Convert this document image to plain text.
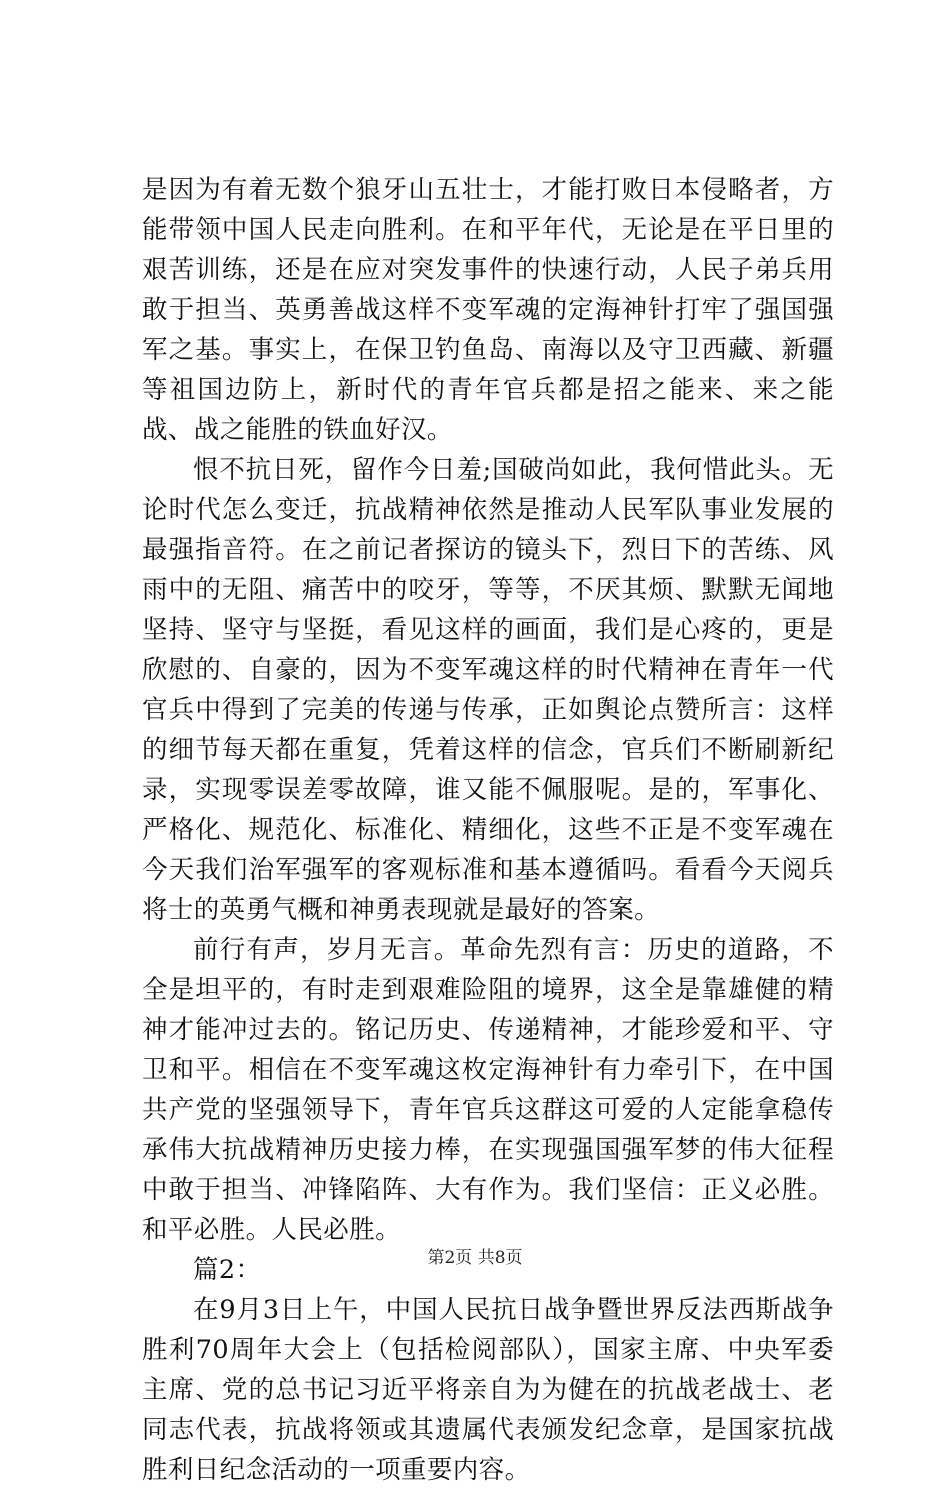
是因为有着无数个狼牙山五壮士，才能打败日本侵略者，方能带领中国人民走向胜利。在和平年代，无论是在平日里的艰苦训练，还是在应对突发事件的快速行动，人民子弟兵用敢于担当、英勇善战这样不变军魂的定海神针打牢了强国强军之基。事实上，在保卫钓鱼岛、南海以及守卫西藏、新疆等祖国边防上，新时代的青年官兵都是招之能来、来之能战、战之能胜的铁血好汉。

恨不抗日死，留作今日羞;国破尚如此，我何惜此头。无论时代怎么变迁，抗战精神依然是推动人民军队事业发展的最强指音符。在之前记者探访的镜头下，烈日下的苦练、风雨中的无阻、痛苦中的咬牙，等等，不厌其烦、默默无闻地坚持、坚守与坚挺，看见这样的画面，我们是心疼的，更是欣慰的、自豪的，因为不变军魂这样的时代精神在青年一代官兵中得到了完美的传递与传承，正如舆论点赞所言：这样的细节每天都在重复，凭着这样的信念，官兵们不断刷新纪录，实现零误差零故障，谁又能不佩服呢。是的，军事化、严格化、规范化、标准化、精细化，这些不正是不变军魂在今天我们治军强军的客观标准和基本遵循吗。看看今天阅兵将士的英勇气概和神勇表现就是最好的答案。

前行有声，岁月无言。革命先烈有言：历史的道路，不全是坦平的，有时走到艰难险阻的境界，这全是靠雄健的精神才能冲过去的。铭记历史、传递精神，才能珍爱和平、守卫和平。相信在不变军魂这枚定海神针有力牵引下，在中国共产党的坚强领导下，青年官兵这群这可爱的人定能拿稳传承伟大抗战精神历史接力棒，在实现强国强军梦的伟大征程中敢于担当、冲锋陷阵、大有作为。我们坚信：正义必胜。和平必胜。人民必胜。

篇2：

在9月3日上午，中国人民抗日战争暨世界反法西斯战争胜利70周年大会上（包括检阅部队），国家主席、中央军委主席、党的总书记习近平将亲自为为健在的抗战老战士、老同志代表，抗战将领或其遗属代表颁发纪念章，是国家抗战胜利日纪念活动的一项重要内容。

第2页 共8页
